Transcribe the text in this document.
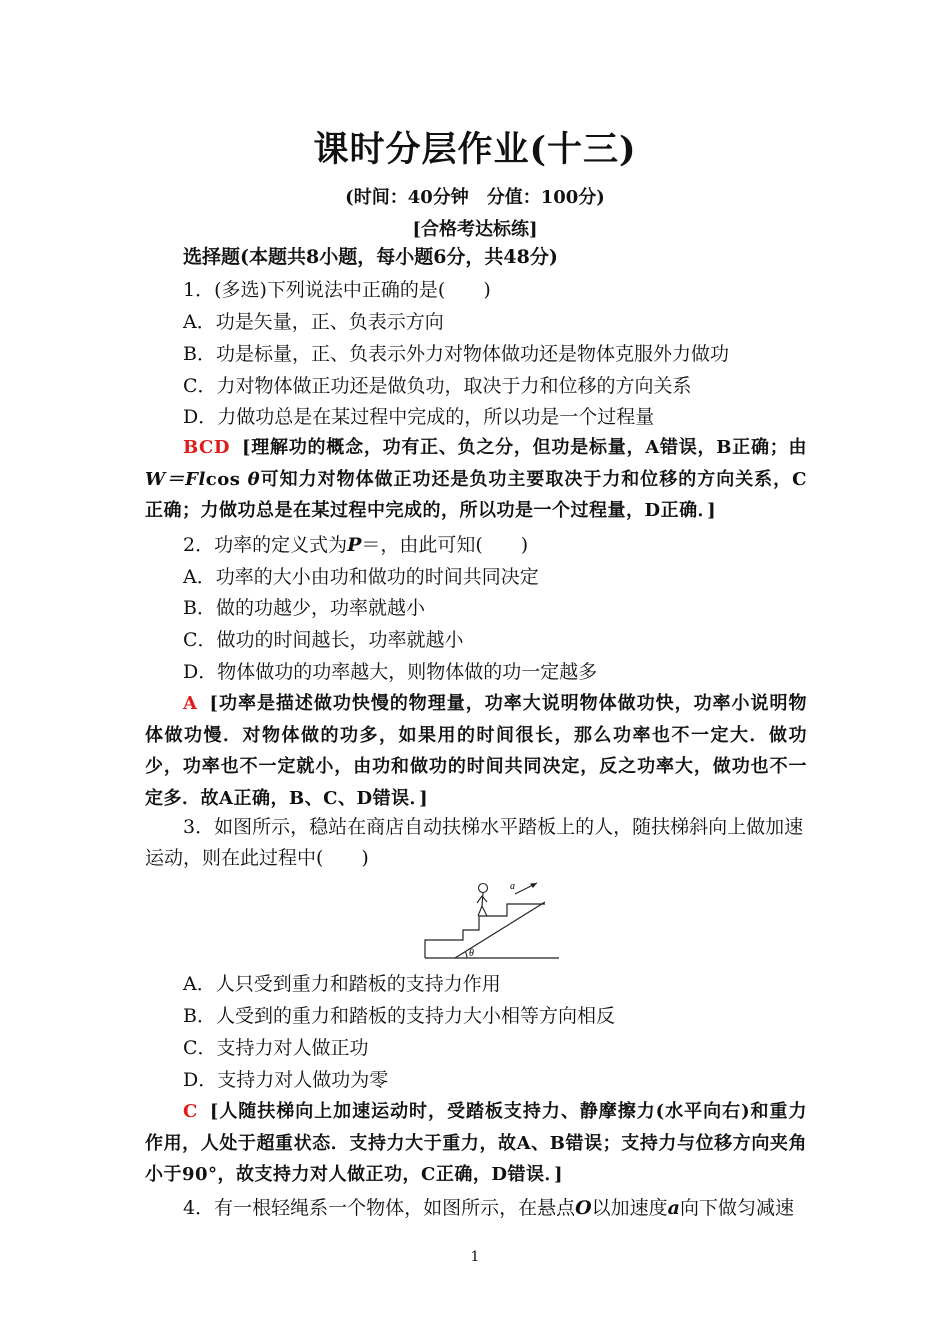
课时分层作业(十三)
(时间：40分钟　分值：100分)
[合格考达标练]
选择题(本题共8小题，每小题6分，共48分)
1．(多选)下列说法中正确的是(　　)
A．功是矢量，正、负表示方向
B．功是标量，正、负表示外力对物体做功还是物体克服外力做功
C．力对物体做正功还是做负功，取决于力和位移的方向关系
D．力做功总是在某过程中完成的，所以功是一个过程量
BCD [理解功的概念，功有正、负之分，但功是标量，A错误，B正确；由 W＝Flcos θ可知力对物体做正功还是负功主要取决于力和位移的方向关系，C正确；力做功总是在某过程中完成的，所以功是一个过程量，D正确．]
2．功率的定义式为P＝，由此可知(　　)
A．功率的大小由功和做功的时间共同决定
B．做的功越少，功率就越小
C．做功的时间越长，功率就越小
D．物体做功的功率越大，则物体做的功一定越多
A [功率是描述做功快慢的物理量，功率大说明物体做功快，功率小说明物体做功慢．对物体做的功多，如果用的时间很长，那么功率也不一定大．做功少，功率也不一定就小，由功和做功的时间共同决定，反之功率大，做功也不一定多．故A正确，B、C、D错误．]
3．如图所示，稳站在商店自动扶梯水平踏板上的人，随扶梯斜向上做加速
运动，则在此过程中(　　)
a
θ
A．人只受到重力和踏板的支持力作用
B．人受到的重力和踏板的支持力大小相等方向相反
C．支持力对人做正功
D．支持力对人做功为零
C [人随扶梯向上加速运动时，受踏板支持力、静摩擦力(水平向右)和重力作用，人处于超重状态．支持力大于重力，故A、B错误；支持力与位移方向夹角小于90°，故支持力对人做正功，C正确，D错误．]
4．有一根轻绳系一个物体，如图所示，在悬点O以加速度a向下做匀减速
1
